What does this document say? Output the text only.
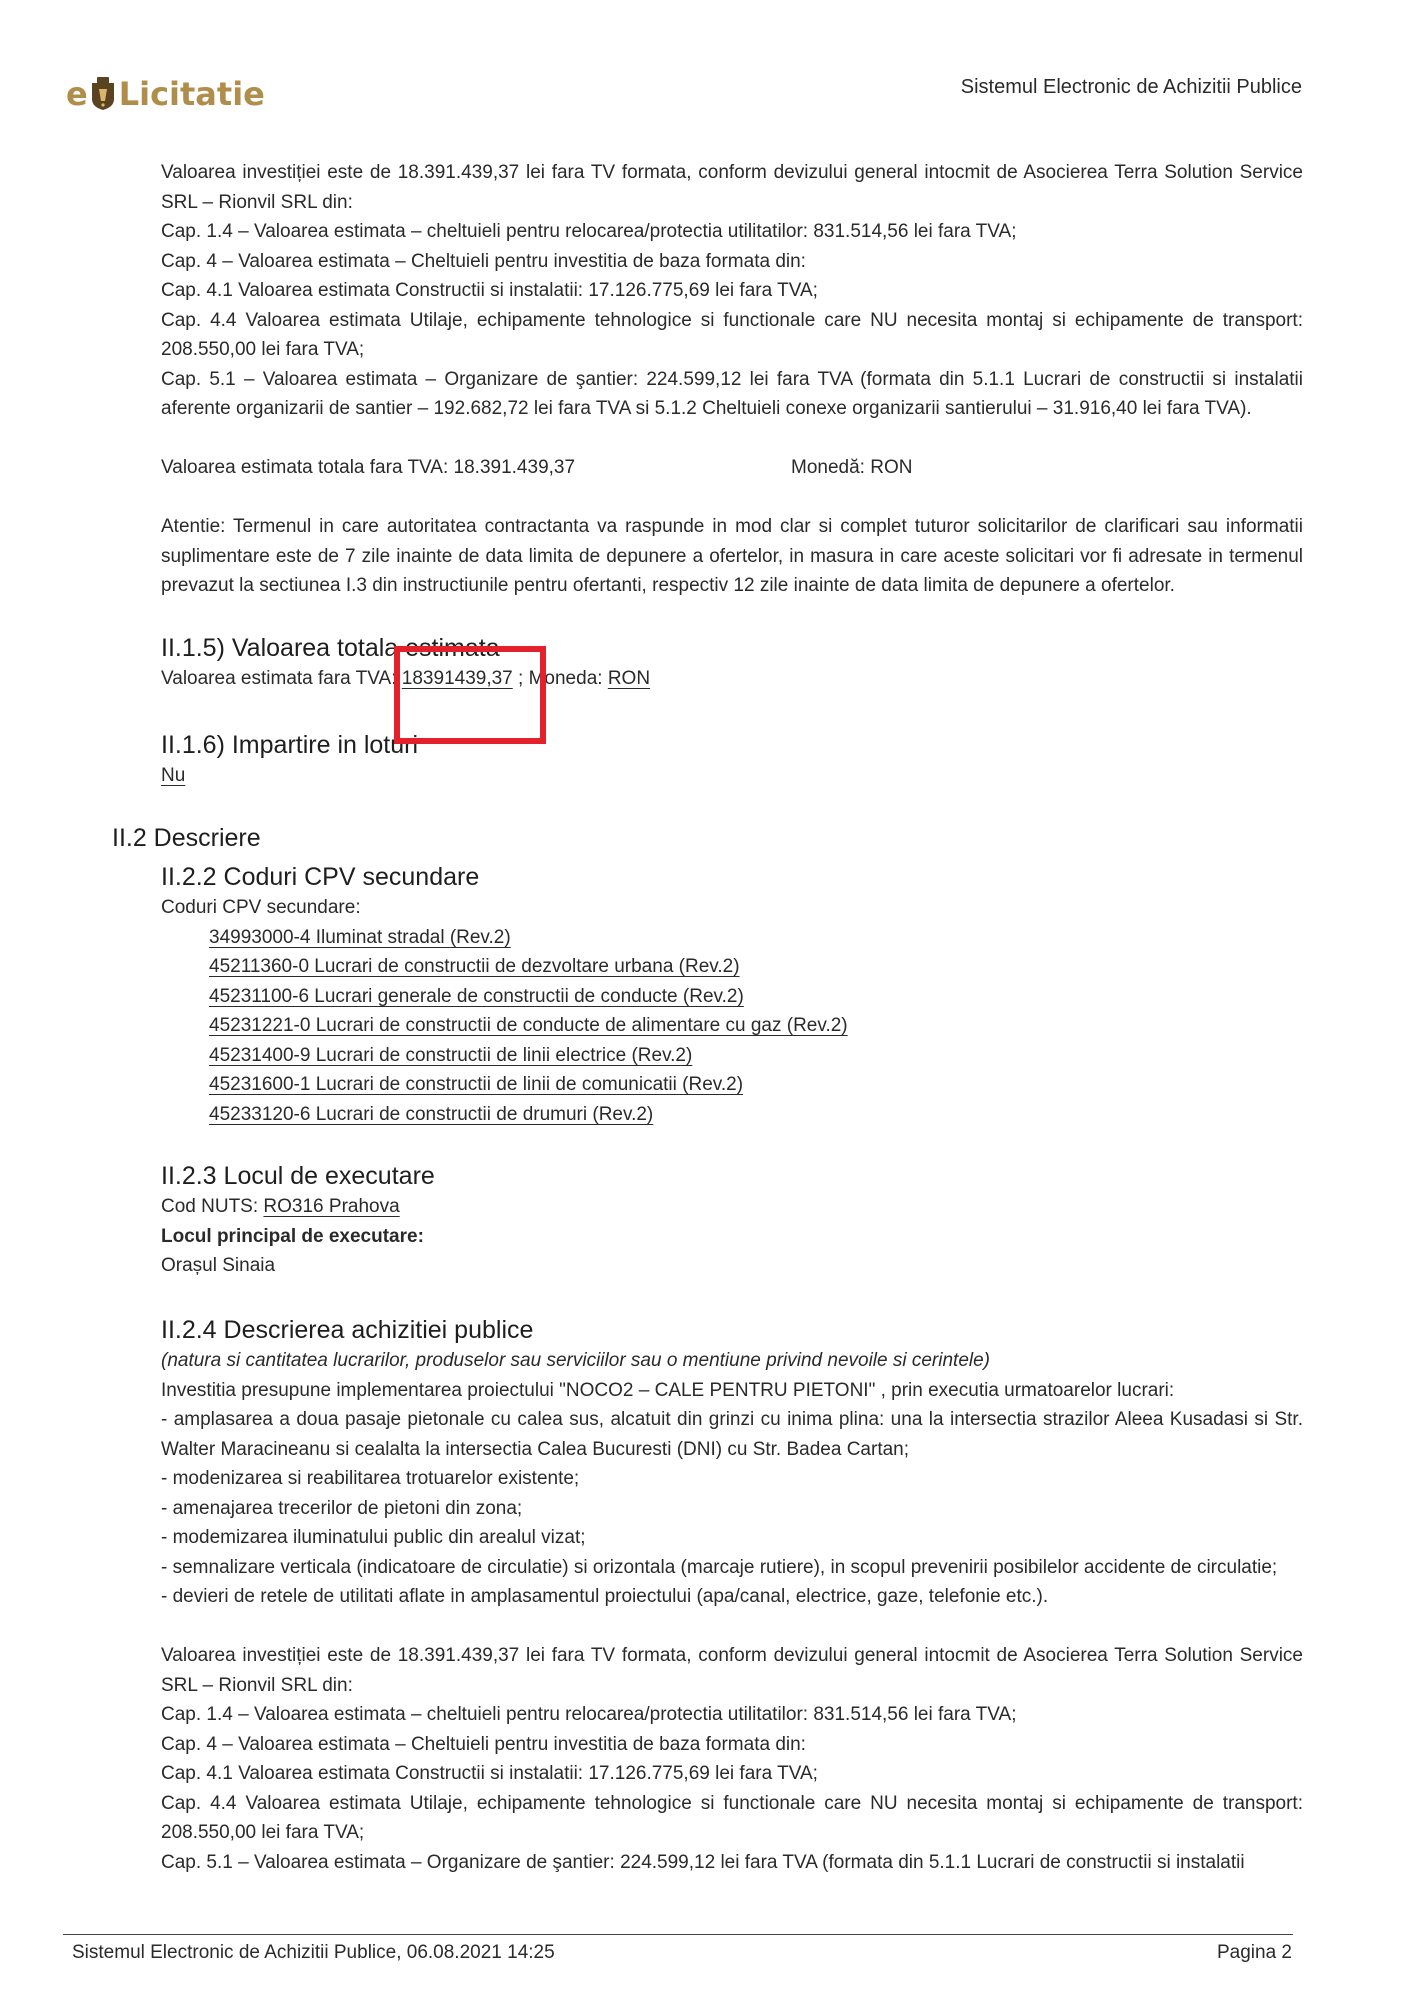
e Licitatie	Sistemul Electronic de Achizitii Publice

Valoarea investiției este de 18.391.439,37 lei fara TV formata, conform devizului general intocmit de Asocierea Terra Solution Service SRL – Rionvil SRL din:

Cap. 1.4 – Valoarea estimata – cheltuieli pentru relocarea/protectia utilitatilor: 831.514,56 lei fara TVA;

Cap. 4 – Valoarea estimata – Cheltuieli pentru investitia de baza formata din:

Cap. 4.1 Valoarea estimata Constructii si instalatii: 17.126.775,69 lei fara TVA;

Cap. 4.4 Valoarea estimata Utilaje, echipamente tehnologice si functionale care NU necesita montaj si echipamente de transport: 208.550,00 lei fara TVA;

Cap. 5.1 – Valoarea estimata – Organizare de şantier: 224.599,12 lei fara TVA (formata din 5.1.1 Lucrari de constructii si instalatii aferente organizarii de santier – 192.682,72 lei fara TVA si 5.1.2 Cheltuieli conexe organizarii santierului – 31.916,40 lei fara TVA).

Valoarea estimata totala fara TVA: 18.391.439,37	Monedă: RON

Atentie: Termenul in care autoritatea contractanta va raspunde in mod clar si complet tuturor solicitarilor de clarificari sau informatii suplimentare este de 7 zile inainte de data limita de depunere a ofertelor, in masura in care aceste solicitari vor fi adresate in termenul prevazut la sectiunea I.3 din instructiunile pentru ofertanti, respectiv 12 zile inainte de data limita de depunere a ofertelor.

II.1.5) Valoarea totala estimata
Valoarea estimata fara TVA: 18391439,37 ; Moneda: RON
II.1.6) Impartire in loturi
Nu
II.2 Descriere
II.2.2 Coduri CPV secundare
Coduri CPV secundare:
34993000-4 Iluminat stradal (Rev.2)
45211360-0 Lucrari de constructii de dezvoltare urbana (Rev.2)
45231100-6 Lucrari generale de constructii de conducte (Rev.2)
45231221-0 Lucrari de constructii de conducte de alimentare cu gaz (Rev.2)
45231400-9 Lucrari de constructii de linii electrice (Rev.2)
45231600-1 Lucrari de constructii de linii de comunicatii (Rev.2)
45233120-6 Lucrari de constructii de drumuri (Rev.2)
II.2.3 Locul de executare
Cod NUTS: RO316 Prahova
Locul principal de executare:
Orașul Sinaia
II.2.4 Descrierea achizitiei publice

(natura si cantitatea lucrarilor, produselor sau serviciilor sau o mentiune privind nevoile si cerintele)

Investitia presupune implementarea proiectului "NOCO2 – CALE PENTRU PIETONI" , prin executia urmatoarelor lucrari:

- amplasarea a doua pasaje pietonale cu calea sus, alcatuit din grinzi cu inima plina: una la intersectia strazilor Aleea Kusadasi si Str. Walter Maracineanu si cealalta la intersectia Calea Bucuresti (DNI) cu Str. Badea Cartan;

- modenizarea si reabilitarea trotuarelor existente;

- amenajarea trecerilor de pietoni din zona;

- modemizarea iluminatului public din arealul vizat;

- semnalizare verticala (indicatoare de circulatie) si orizontala (marcaje rutiere), in scopul prevenirii posibilelor accidente de circulatie;

- devieri de retele de utilitati aflate in amplasamentul proiectului (apa/canal, electrice, gaze, telefonie etc.).

Valoarea investiției este de 18.391.439,37 lei fara TV formata, conform devizului general intocmit de Asocierea Terra Solution Service SRL – Rionvil SRL din:

Cap. 1.4 – Valoarea estimata – cheltuieli pentru relocarea/protectia utilitatilor: 831.514,56 lei fara TVA;

Cap. 4 – Valoarea estimata – Cheltuieli pentru investitia de baza formata din:

Cap. 4.1 Valoarea estimata Constructii si instalatii: 17.126.775,69 lei fara TVA;

Cap. 4.4 Valoarea estimata Utilaje, echipamente tehnologice si functionale care NU necesita montaj si echipamente de transport: 208.550,00 lei fara TVA;

Cap. 5.1 – Valoarea estimata – Organizare de şantier: 224.599,12 lei fara TVA (formata din 5.1.1 Lucrari de constructii si instalatii

Sistemul Electronic de Achizitii Publice, 06.08.2021 14:25	Pagina 2
